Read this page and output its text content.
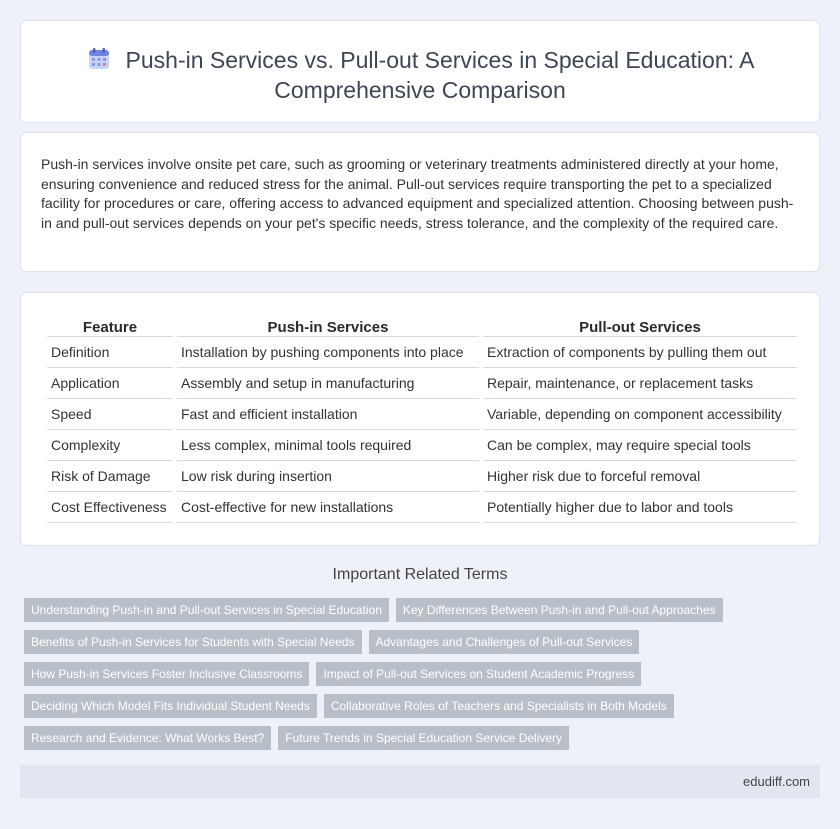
Push-in Services vs. Pull-out Services in Special Education: A
Comprehensive Comparison

Push-in services involve onsite pet care, such as grooming or veterinary treatments administered directly at your home, ensuring convenience and reduced stress for the animal. Pull-out services require transporting the pet to a specialized facility for procedures or care, offering access to advanced equipment and specialized attention. Choosing between push-in and pull-out services depends on your pet's specific needs, stress tolerance, and the complexity of the required care.

Feature	Push-in Services	Pull-out Services
Definition	Installation by pushing components into place	Extraction of components by pulling them out
Application	Assembly and setup in manufacturing	Repair, maintenance, or replacement tasks
Speed	Fast and efficient installation	Variable, depending on component accessibility
Complexity	Less complex, minimal tools required	Can be complex, may require special tools
Risk of Damage	Low risk during insertion	Higher risk due to forceful removal
Cost Effectiveness	Cost-effective for new installations	Potentially higher due to labor and tools
Important Related Terms
Understanding Push-in and Pull-out Services in Special Education	Key Differences Between Push-in and Pull-out Approaches
Benefits of Push-in Services for Students with Special Needs	Advantages and Challenges of Pull-out Services
How Push-in Services Foster Inclusive Classrooms	Impact of Pull-out Services on Student Academic Progress
Deciding Which Model Fits Individual Student Needs	Collaborative Roles of Teachers and Specialists in Both Models
Research and Evidence: What Works Best?	Future Trends in Special Education Service Delivery
edudiff.com
